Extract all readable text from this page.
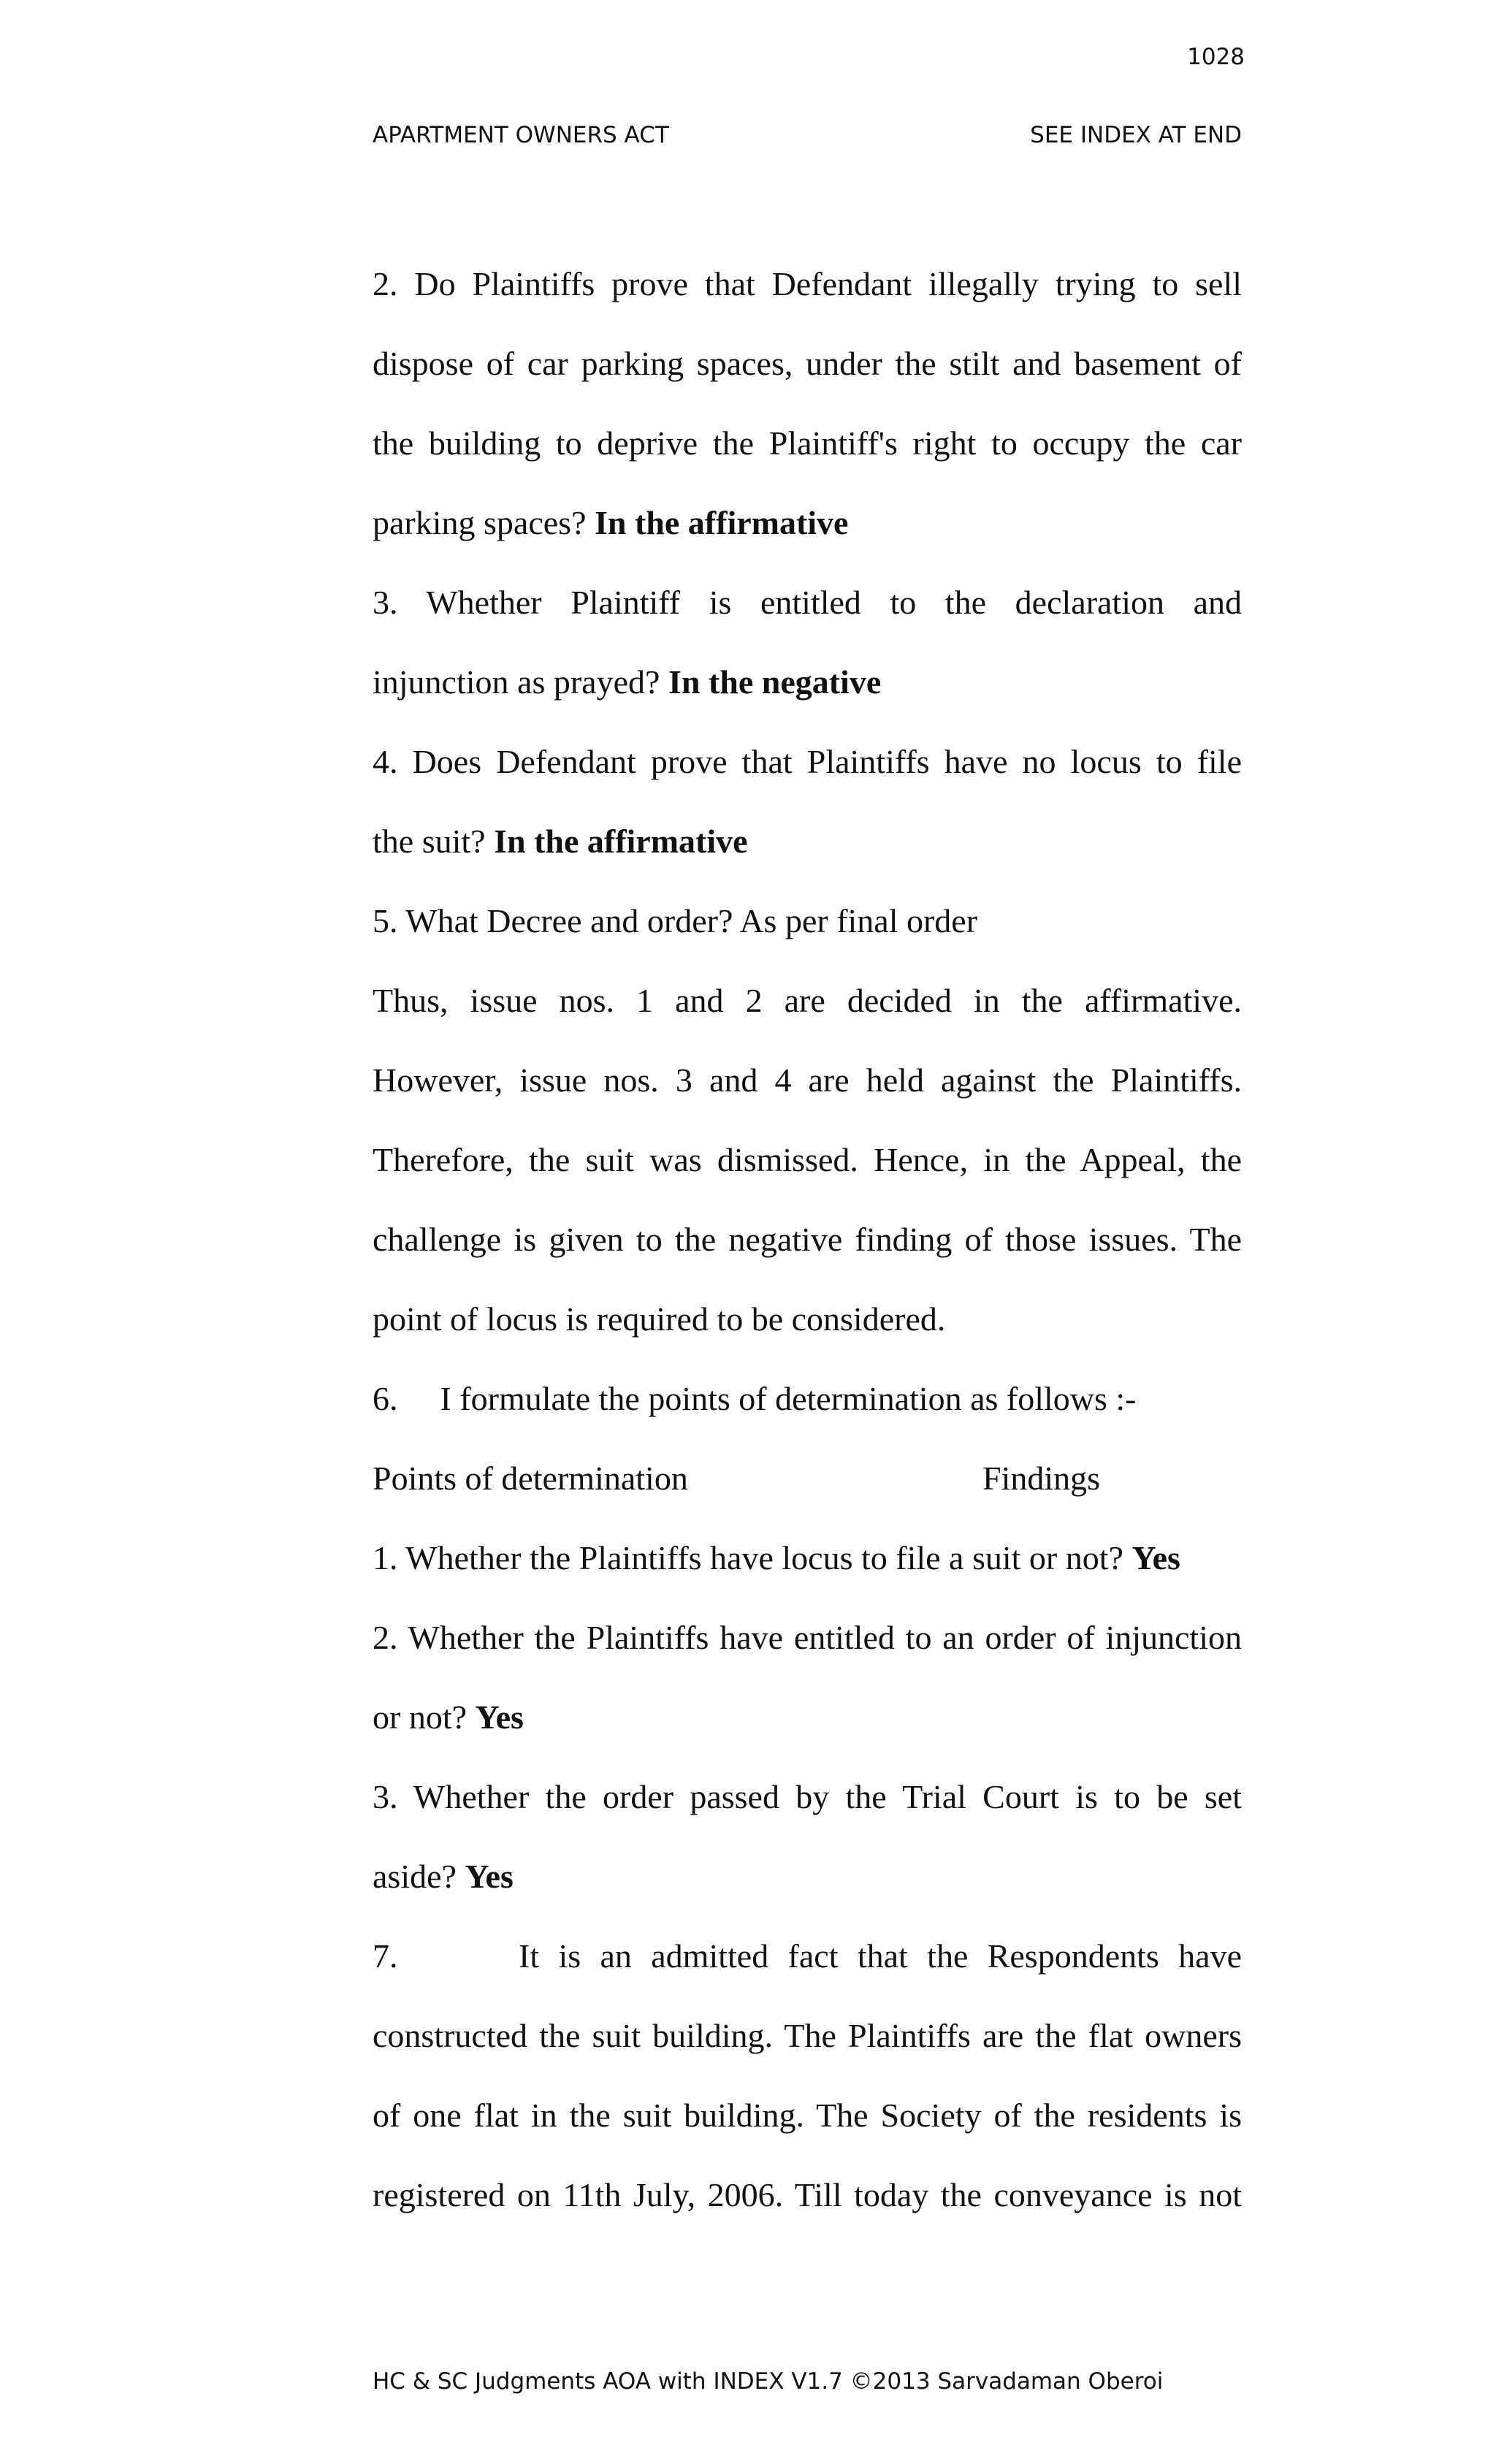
1028
APARTMENT OWNERS ACT	SEE INDEX AT END
2. Do Plaintiffs prove that Defendant illegally trying to sell
dispose of car parking spaces, under the stilt and basement of
the building to deprive the Plaintiff's right to occupy the car
parking spaces? In the affirmative
3. Whether Plaintiff is entitled to the declaration and
injunction as prayed? In the negative
4. Does Defendant prove that Plaintiffs have no locus to file
the suit? In the affirmative
5. What Decree and order? As per final order
Thus, issue nos. 1 and 2 are decided in the affirmative.
However, issue nos. 3 and 4 are held against the Plaintiffs.
Therefore, the suit was dismissed. Hence, in the Appeal, the
challenge is given to the negative finding of those issues. The
point of locus is required to be considered.
6. I formulate the points of determination as follows :-
Points of determination	Findings
1. Whether the Plaintiffs have locus to file a suit or not? Yes
2. Whether the Plaintiffs have entitled to an order of injunction
or not? Yes
3. Whether the order passed by the Trial Court is to be set
aside? Yes
7.	It is an admitted fact that the Respondents have
constructed the suit building. The Plaintiffs are the flat owners
of one flat in the suit building. The Society of the residents is
registered on 11th July, 2006. Till today the conveyance is not
HC & SC Judgments AOA with INDEX V1.7 ©2013 Sarvadaman Oberoi
